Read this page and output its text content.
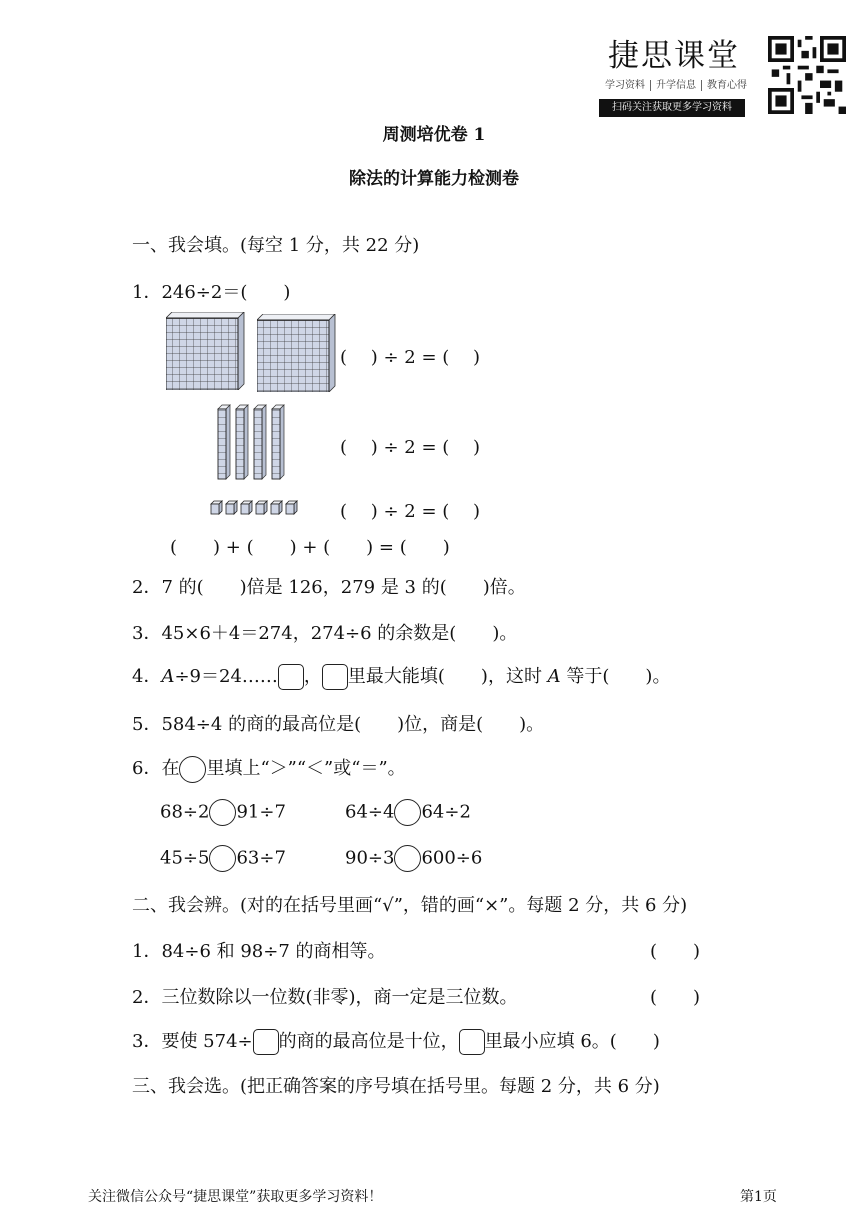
捷思课堂
学习资料 升学信息 教育心得
扫码关注获取更多学习资料
周测培优卷 1
除法的计算能力检测卷
一、我会填。(每空 1 分，共 22 分)
1．246÷2＝(　　)
(　 ) ÷ 2 = (　 )
(　 ) ÷ 2 = (　 )
(　 ) ÷ 2 = (　 )
(　　) + (　　) + (　　) = (　　)
2．7 的(　　)倍是 126，279 是 3 的(　　)倍。
3．45×6＋4＝274，274÷6 的余数是(　　)。
4．A÷9＝24…… ， 里最大能填(　　)，这时 A 等于(　　)。
5．584÷4 的商的最高位是(　　)位，商是(　　)。
6．在 里填上“＞”“＜”或“＝”。
68÷2 91÷7	64÷4 64÷2
45÷5 63÷7	90÷3 600÷6
二、我会辨。(对的在括号里画“√”，错的画“×”。每题 2 分，共 6 分)
1．84÷6 和 98÷7 的商相等。	(　　)
2．三位数除以一位数(非零)，商一定是三位数。	(　　)
3．要使 574÷ 的商的最高位是十位， 里最小应填 6。(　　)
三、我会选。(把正确答案的序号填在括号里。每题 2 分，共 6 分)
关注微信公众号“捷思课堂”获取更多学习资料！	第1页
